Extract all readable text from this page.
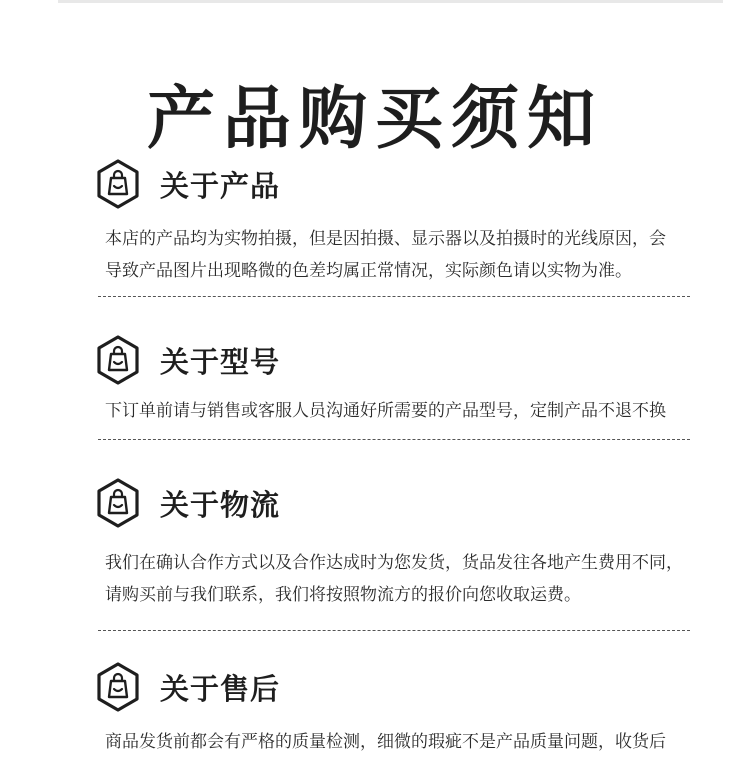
产品购买须知
关于产品

本店的产品均为实物拍摄，但是因拍摄、显示器以及拍摄时的光线原因，会

导致产品图片出现略微的色差均属正常情况，实际颜色请以实物为准。

关于型号

下订单前请与销售或客服人员沟通好所需要的产品型号，定制产品不退不换

关于物流

我们在确认合作方式以及合作达成时为您发货，货品发往各地产生费用不同，

请购买前与我们联系，我们将按照物流方的报价向您收取运费。

关于售后

商品发货前都会有严格的质量检测，细微的瑕疵不是产品质量问题，收货后
